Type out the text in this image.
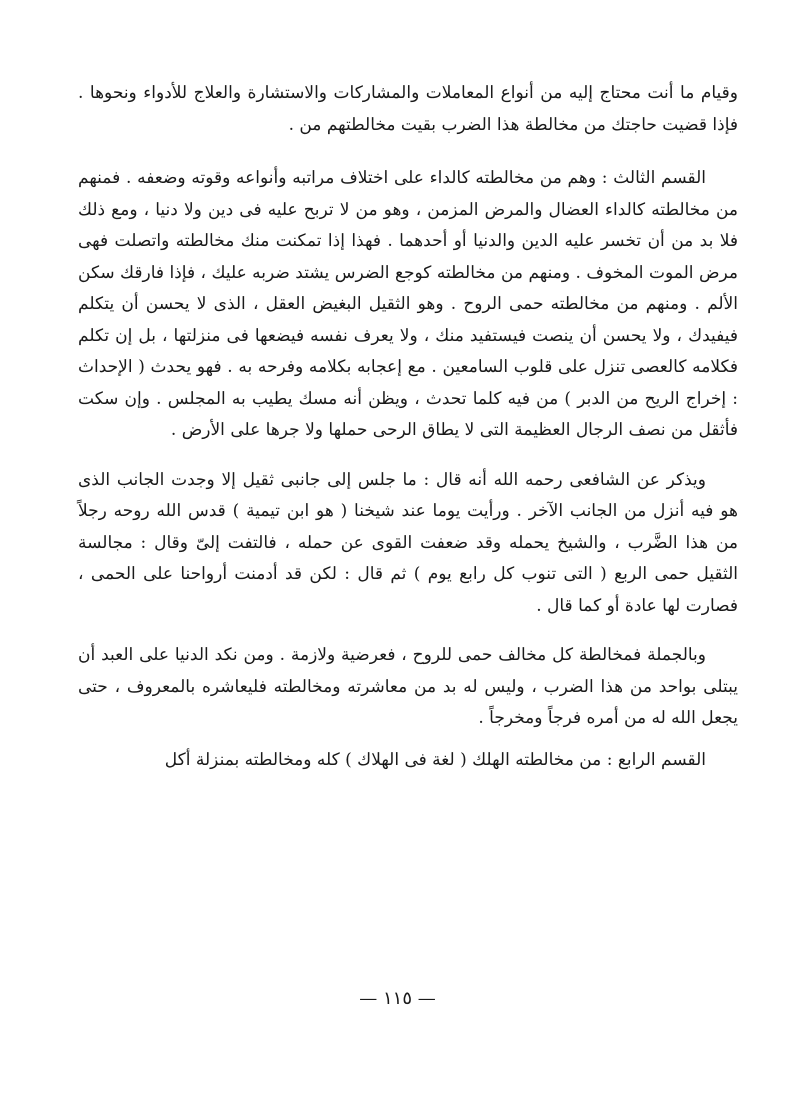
وقيام ما أنت محتاج إليه من أنواع المعاملات والمشاركات والاستشارة والعلاج للأدواء ونحوها . فإذا قضيت حاجتك من مخالطة هذا الضرب بقيت مخالطتهم من .

القسم الثالث : وهم من مخالطته كالداء على اختلاف مراتبه وأنواعه وقوته وضعفه . فمنهم من مخالطته كالداء العضال والمرض المزمن ، وهو من لا تربح عليه فى دين ولا دنيا ، ومع ذلك فلا بد من أن تخسر عليه الدين والدنيا أو أحدهما . فهذا إذا تمكنت منك مخالطته واتصلت فهى مرض الموت المخوف . ومنهم من مخالطته كوجع الضرس يشتد ضربه عليك ، فإذا فارقك سكن الألم . ومنهم من مخالطته حمى الروح . وهو الثقيل البغيض العقل ، الذى لا يحسن أن يتكلم فيفيدك ، ولا يحسن أن ينصت فيستفيد منك ، ولا يعرف نفسه فيضعها فى منزلتها ، بل إن تكلم فكلامه كالعصى تنزل على قلوب السامعين . مع إعجابه بكلامه وفرحه به . فهو يحدث ( الإحداث : إخراج الريح من الدبر ) من فيه كلما تحدث ، ويظن أنه مسك يطيب به المجلس . وإن سكت فأثقل من نصف الرجال العظيمة التى لا يطاق الرحى حملها ولا جرها على الأرض .

ويذكر عن الشافعى رحمه الله أنه قال : ما جلس إلى جانبى ثقيل إلا وجدت الجانب الذى هو فيه أنزل من الجانب الآخر . ورأيت يوما عند شيخنا ( هو ابن تيمية ) قدس الله روحه رجلاً من هذا الضَّرب ، والشيخ يحمله وقد ضعفت القوى عن حمله ، فالتفت إلىّ وقال : مجالسة الثقيل حمى الربع ( التى تنوب كل رابع يوم ) ثم قال : لكن قد أدمنت أرواحنا على الحمى ، فصارت لها عادة أو كما قال .

وبالجملة فمخالطة كل مخالف حمى للروح ، فعرضية ولازمة . ومن نكد الدنيا على العبد أن يبتلى بواحد من هذا الضرب ، وليس له بد من معاشرته ومخالطته فليعاشره بالمعروف ، حتى يجعل الله له من أمره فرجاً ومخرجاً .

القسم الرابع : من مخالطته الهلك ( لغة فى الهلاك ) كله ومخالطته بمنزلة أكل

— ١١٥ —
